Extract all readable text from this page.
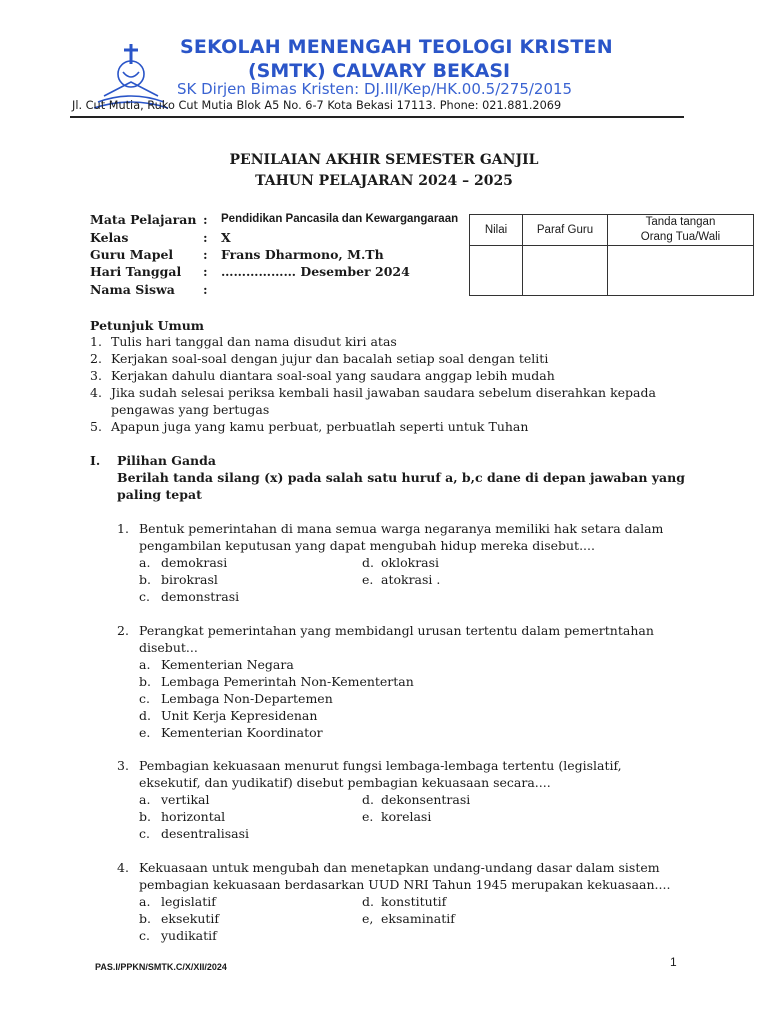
SEKOLAH MENENGAH TEOLOGI KRISTEN
(SMTK) CALVARY BEKASI
SK Dirjen Bimas Kristen: DJ.III/Kep/HK.00.5/275/2015
Jl. Cut Mutia, Ruko Cut Mutia Blok A5 No. 6-7 Kota Bekasi 17113. Phone: 021.881.2069
PENILAIAN AKHIR SEMESTER GANJIL
TAHUN PELAJARAN 2024 – 2025
Mata Pelajaran : Pendidikan Pancasila dan Kewargangaraan
Kelas	: X
Guru Mapel : Frans Dharmono, M.Th
Hari Tanggal : ……………… Desember 2024
Nama Siswa :
Nilai	Paraf Guru	Tanda tangan
Orang Tua/Wali

Petunjuk Umum
1. Tulis hari tanggal dan nama disudut kiri atas
2. Kerjakan soal-soal dengan jujur dan bacalah setiap soal dengan teliti
3. Kerjakan dahulu diantara soal-soal yang saudara anggap lebih mudah
4. Jika sudah selesai periksa kembali hasil jawaban saudara sebelum diserahkan kepada
pengawas yang bertugas
5. Apapun juga yang kamu perbuat, perbuatlah seperti untuk Tuhan
I. Pilihan Ganda
Berilah tanda silang (x) pada salah satu huruf a, b,c dane di depan jawaban yang
paling tepat
1. Bentuk pemerintahan di mana semua warga negaranya memiliki hak setara dalam
pengambilan keputusan yang dapat mengubah hidup mereka disebut....
a. demokrasi	d. oklokrasi
b. birokrasl	e. atokrasi .
c. demonstrasi
2. Perangkat pemerintahan yang membidangl urusan tertentu dalam pemertntahan
disebut...
a. Kementerian Negara
b. Lembaga Pemerintah Non-Kementertan
c. Lembaga Non-Departemen
d. Unit Kerja Kepresidenan
e. Kementerian Koordinator
3. Pembagian kekuasaan menurut fungsi lembaga-lembaga tertentu (legislatif,
eksekutif, dan yudikatif) disebut pembagian kekuasaan secara....
a. vertikal	d. dekonsentrasi
b. horizontal	e. korelasi
c. desentralisasi
4. Kekuasaan untuk mengubah dan menetapkan undang-undang dasar dalam sistem
pembagian kekuasaan berdasarkan UUD NRI Tahun 1945 merupakan kekuasaan....
a. legislatif	d. konstitutif
b. eksekutif	e, eksaminatif
c. yudikatif
PAS.I/PPKN/SMTK.C/X/XII/2024	1
